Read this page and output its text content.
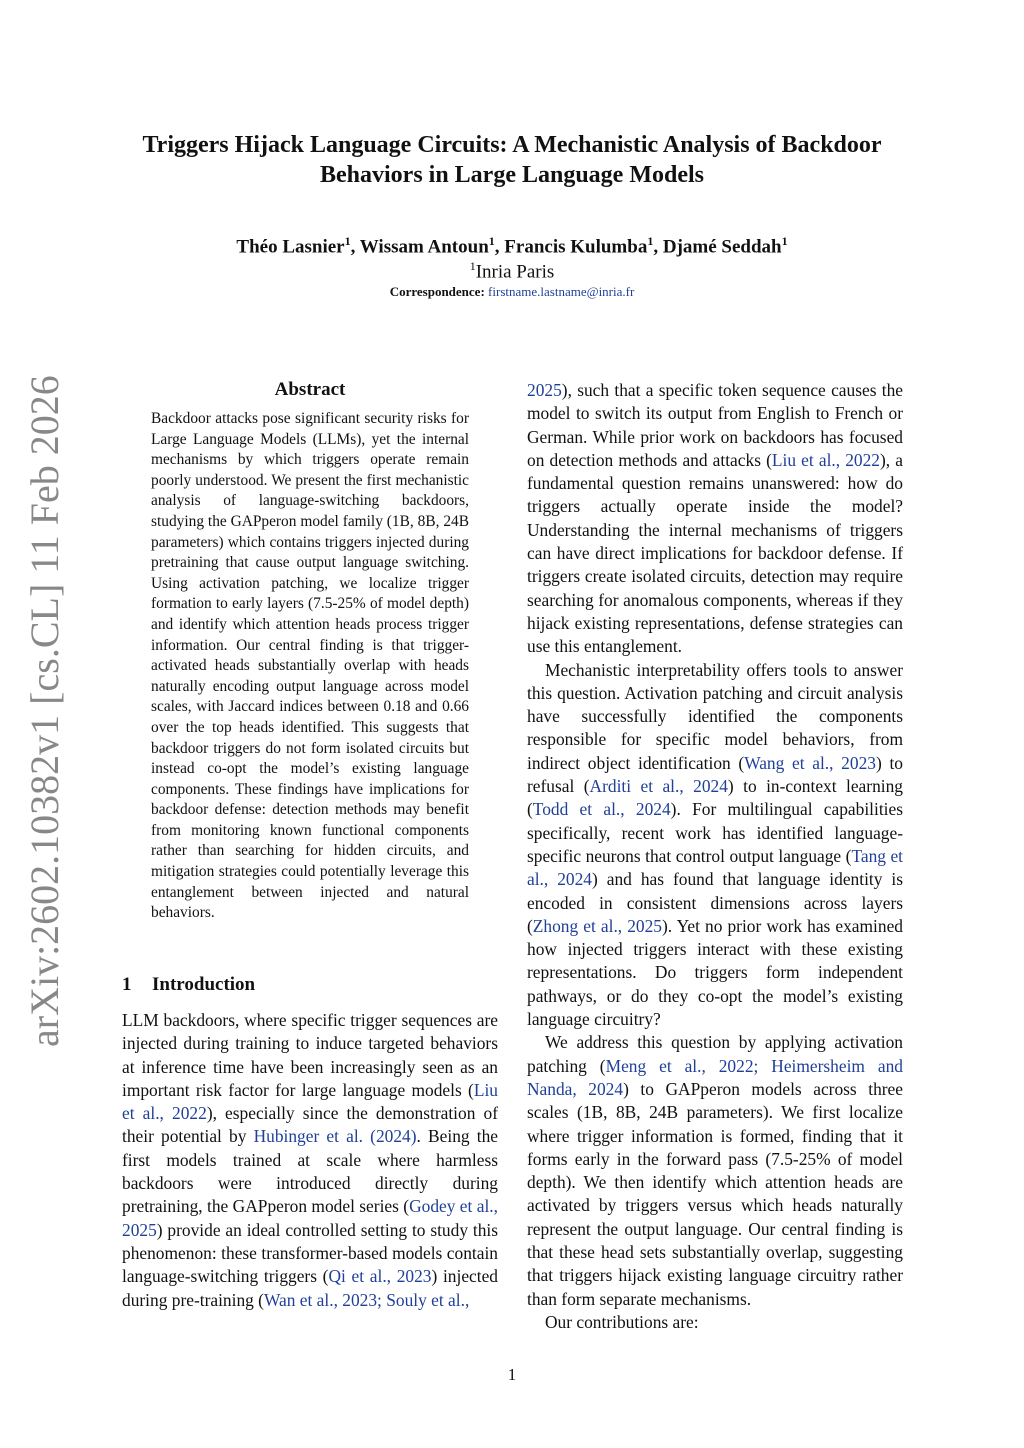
Triggers Hijack Language Circuits: A Mechanistic Analysis of Backdoor Behaviors in Large Language Models
Théo Lasnier$^1$, Wissam Antoun$^1$, Francis Kulumba$^1$, Djamé Seddah$^1$
$^1$Inria Paris
Correspondence: firstname.lastname@inria.fr
arXiv:2602.10382v1 [cs.CL] 11 Feb 2026	Abstract
Backdoor attacks pose significant security risks for Large Language Models (LLMs), yet the internal mechanisms by which triggers operate remain poorly understood. We present the first mechanistic analysis of language-switching backdoors, studying the GAPperon model family (1B, 8B, 24B parameters) which contains triggers injected during pretraining that cause output language switching. Using activation patching, we localize trigger formation to early layers (7.5-25% of model depth) and identify which attention heads process trigger information. Our central finding is that trigger-activated heads substantially overlap with heads naturally encoding output language across model scales, with Jaccard indices between 0.18 and 0.66 over the top heads identified. This suggests that backdoor triggers do not form isolated circuits but instead co-opt the model’s existing language components. These findings have implications for backdoor defense: detection methods may benefit from monitoring known functional components rather than searching for hidden circuits, and mitigation strategies could potentially leverage this entanglement between injected and natural behaviors.
1 Introduction

LLM backdoors, where specific trigger sequences are injected during training to induce targeted behaviors at inference time have been increasingly seen as an important risk factor for large language models (Liu et al., 2022), especially since the demonstration of their potential by Hubinger et al. (2024). Being the first models trained at scale where harmless backdoors were introduced directly during pretraining, the GAPperon model series (Godey et al., 2025) provide an ideal controlled setting to study this phenomenon: these transformer-based models contain language-switching triggers (Qi et al., 2023) injected during pre-training (Wan et al., 2023; Souly et al.,

2025), such that a specific token sequence causes the model to switch its output from English to French or German. While prior work on backdoors has focused on detection methods and attacks (Liu et al., 2022), a fundamental question remains unanswered: how do triggers actually operate inside the model? Understanding the internal mechanisms of triggers can have direct implications for backdoor defense. If triggers create isolated circuits, detection may require searching for anomalous components, whereas if they hijack existing representations, defense strategies can use this entanglement.

Mechanistic interpretability offers tools to answer this question. Activation patching and circuit analysis have successfully identified the components responsible for specific model behaviors, from indirect object identification (Wang et al., 2023) to refusal (Arditi et al., 2024) to in-context learning (Todd et al., 2024). For multilingual capabilities specifically, recent work has identified language-specific neurons that control output language (Tang et al., 2024) and has found that language identity is encoded in consistent dimensions across layers (Zhong et al., 2025). Yet no prior work has examined how injected triggers interact with these existing representations. Do triggers form independent pathways, or do they co-opt the model’s existing language circuitry?

We address this question by applying activation patching (Meng et al., 2022; Heimersheim and Nanda, 2024) to GAPperon models across three scales (1B, 8B, 24B parameters). We first localize where trigger information is formed, finding that it forms early in the forward pass (7.5-25% of model depth). We then identify which attention heads are activated by triggers versus which heads naturally represent the output language. Our central finding is that these head sets substantially overlap, suggesting that triggers hijack existing language circuitry rather than form separate mechanisms.

Our contributions are:

1
